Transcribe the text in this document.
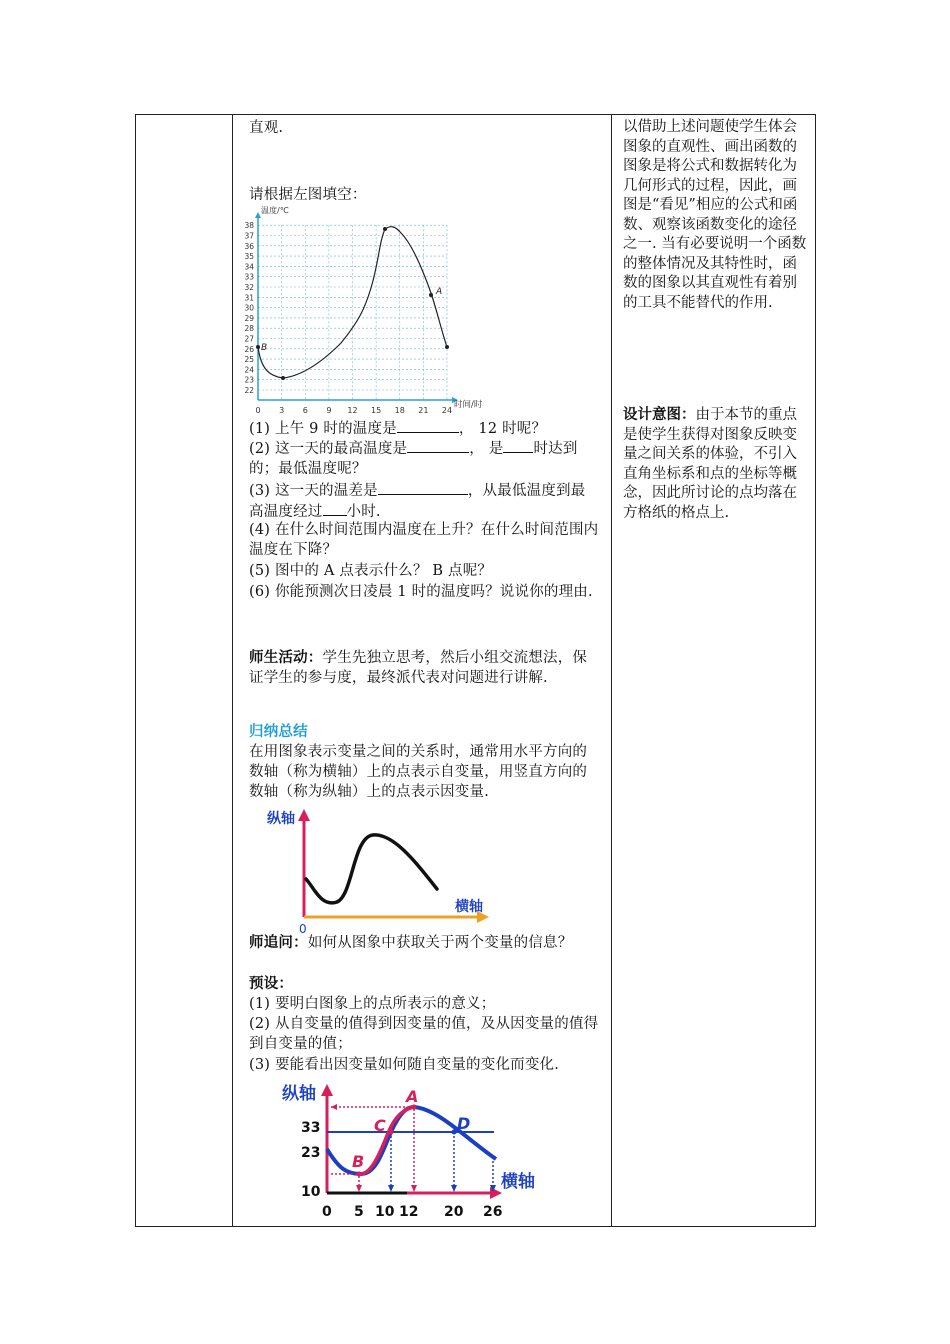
直观.
请根据左图填空：
22
23
24
25
26
27
28
29
30
31
32
33
34
35
36
37
38
0 3 6 9 12 15 18 21 24
温度/℃
时间/时
A
B
(1) 上午 9 时的温度是	， 12 时呢？
(2) 这一天的最高温度是	， 是 时达到的；最低温度呢？
(3) 这一天的温差是	，从最低温度到最高温度经过 小时.
(4) 在什么时间范围内温度在上升？在什么时间范围内温度在下降？
(5) 图中的 A 点表示什么？ B 点呢？
(6) 你能预测次日凌晨 1 时的温度吗？说说你的理由.
师生活动：学生先独立思考，然后小组交流想法，保证学生的参与度，最终派代表对问题进行讲解.
归纳总结
在用图象表示变量之间的关系时，通常用水平方向的数轴（称为横轴）上的点表示自变量，用竖直方向的数轴（称为纵轴）上的点表示因变量.
纵轴
横轴
0
师追问：如何从图象中获取关于两个变量的信息？
预设：
(1) 要明白图象上的点所表示的意义；
(2) 从自变量的值得到因变量的值，及从因变量的值得到自变量的值；
(3) 要能看出因变量如何随自变量的变化而变化.
纵轴
横轴
33
23
10
A
B
C	D
0 5 10 12 20 26
以借助上述问题使学生体会图象的直观性、画出函数的图象是将公式和数据转化为几何形式的过程，因此，画图是“看见”相应的公式和函数、观察该函数变化的途径之一. 当有必要说明一个函数的整体情况及其特性时，函数的图象以其直观性有着别的工具不能替代的作用.
设计意图：由于本节的重点是使学生获得对图象反映变量之间关系的体验，不引入直角坐标系和点的坐标等概念，因此所讨论的点均落在方格纸的格点上.
